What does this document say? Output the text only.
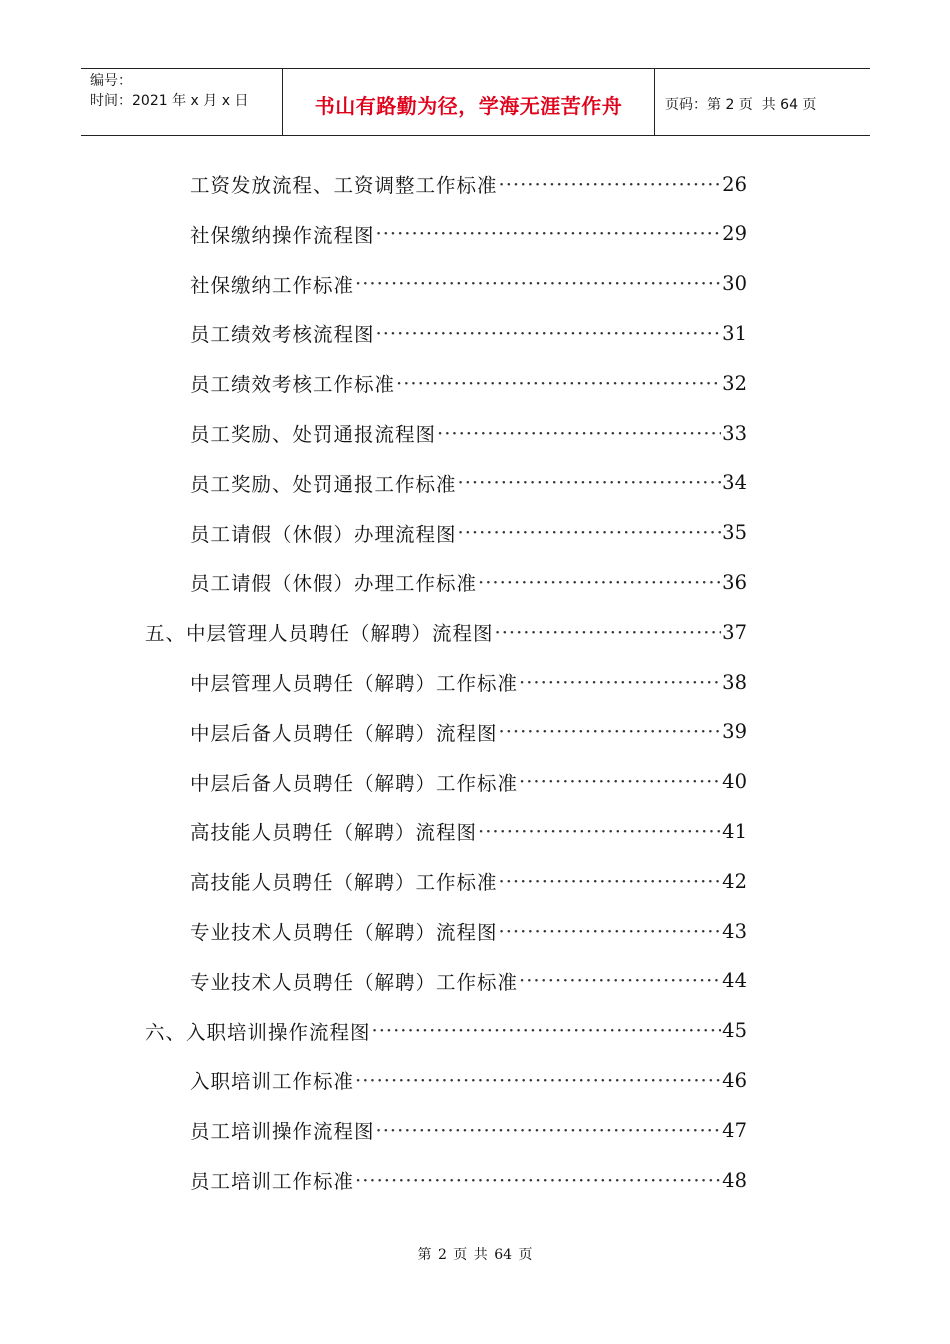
编号：
时间：2021 年 x 月 x 日	书山有路勤为径，学海无涯苦作舟	页码：第 2 页  共 64 页
工资发放流程、工资调整工作标准 ·····	26
社保缴纳操作流程图 ·····	29
社保缴纳工作标准 ·····	30
员工绩效考核流程图 ·····	31
员工绩效考核工作标准 ·····	32
员工奖励、处罚通报流程图 ·····	33
员工奖励、处罚通报工作标准 ·····	34
员工请假（休假）办理流程图 ·····	35
员工请假（休假）办理工作标准 ·····	36
五、中层管理人员聘任（解聘）流程图 ·····	37
中层管理人员聘任（解聘）工作标准 ·····	38
中层后备人员聘任（解聘）流程图 ·····	39
中层后备人员聘任（解聘）工作标准 ·····	40
高技能人员聘任（解聘）流程图 ·····	41
高技能人员聘任（解聘）工作标准 ·····	42
专业技术人员聘任（解聘）流程图 ·····	43
专业技术人员聘任（解聘）工作标准 ·····	44
六、入职培训操作流程图 ·····	45
入职培训工作标准 ·····	46
员工培训操作流程图 ·····	47
员工培训工作标准 ·····	48
第 2 页 共 64 页
